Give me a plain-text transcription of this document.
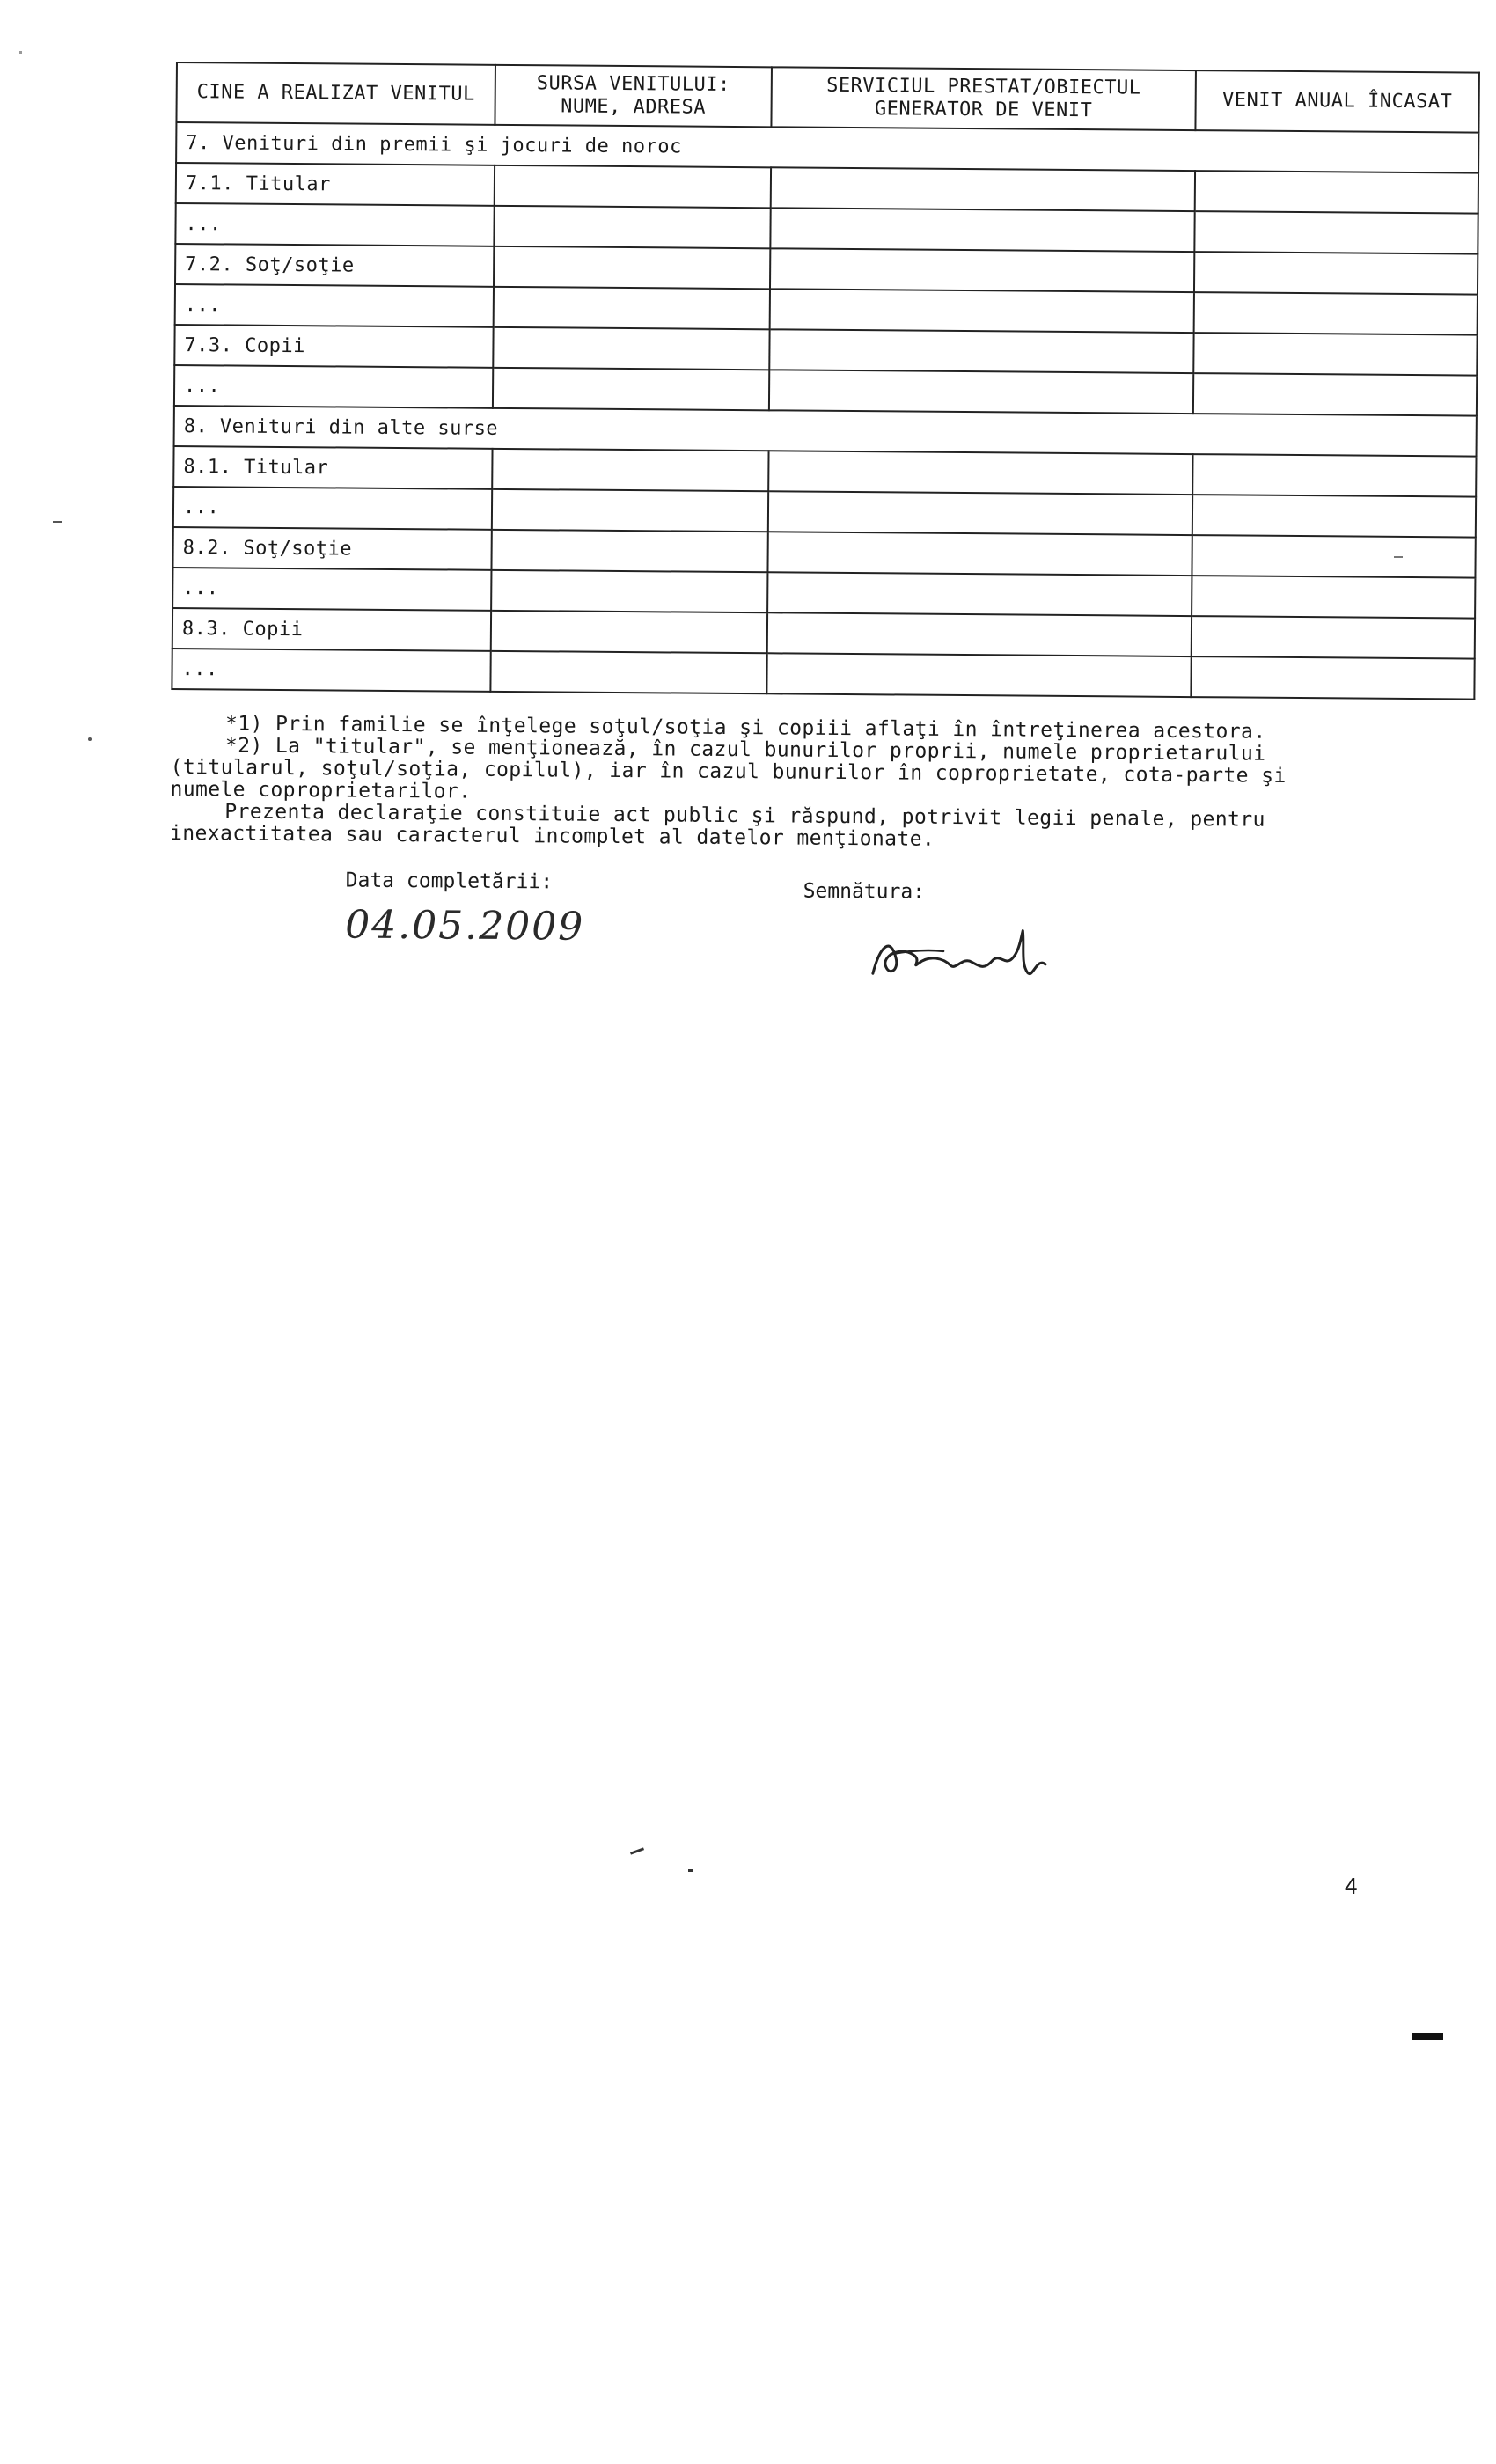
CINE A REALIZAT VENITUL	SURSA VENITULUI: NUME, ADRESA	SERVICIUL PRESTAT/OBIECTUL GENERATOR DE VENIT	VENIT ANUAL ÎNCASAT
7. Venituri din premii şi jocuri de noroc			
7.1. Titular			
...			
7.2. Soţ/soţie			
...			
7.3. Copii			
...			
8. Venituri din alte surse			
8.1. Titular			
...			
8.2. Soţ/soţie			
...			
8.3. Copii			
...			

*1) Prin familie se înţelege soţul/soţia şi copiii aflaţi în întreţinerea acestora.

*2) La "titular", se menţionează, în cazul bunurilor proprii, numele proprietarului (titularul, soţul/soţia, copilul), iar în cazul bunurilor în coproprietate, cota-parte şi numele coproprietarilor.

Prezenta declaraţie constituie act public şi răspund, potrivit legii penale, pentru inexactitatea sau caracterul incomplet al datelor menţionate.

Data completării:
04.05.2009
Semnătura:
4
